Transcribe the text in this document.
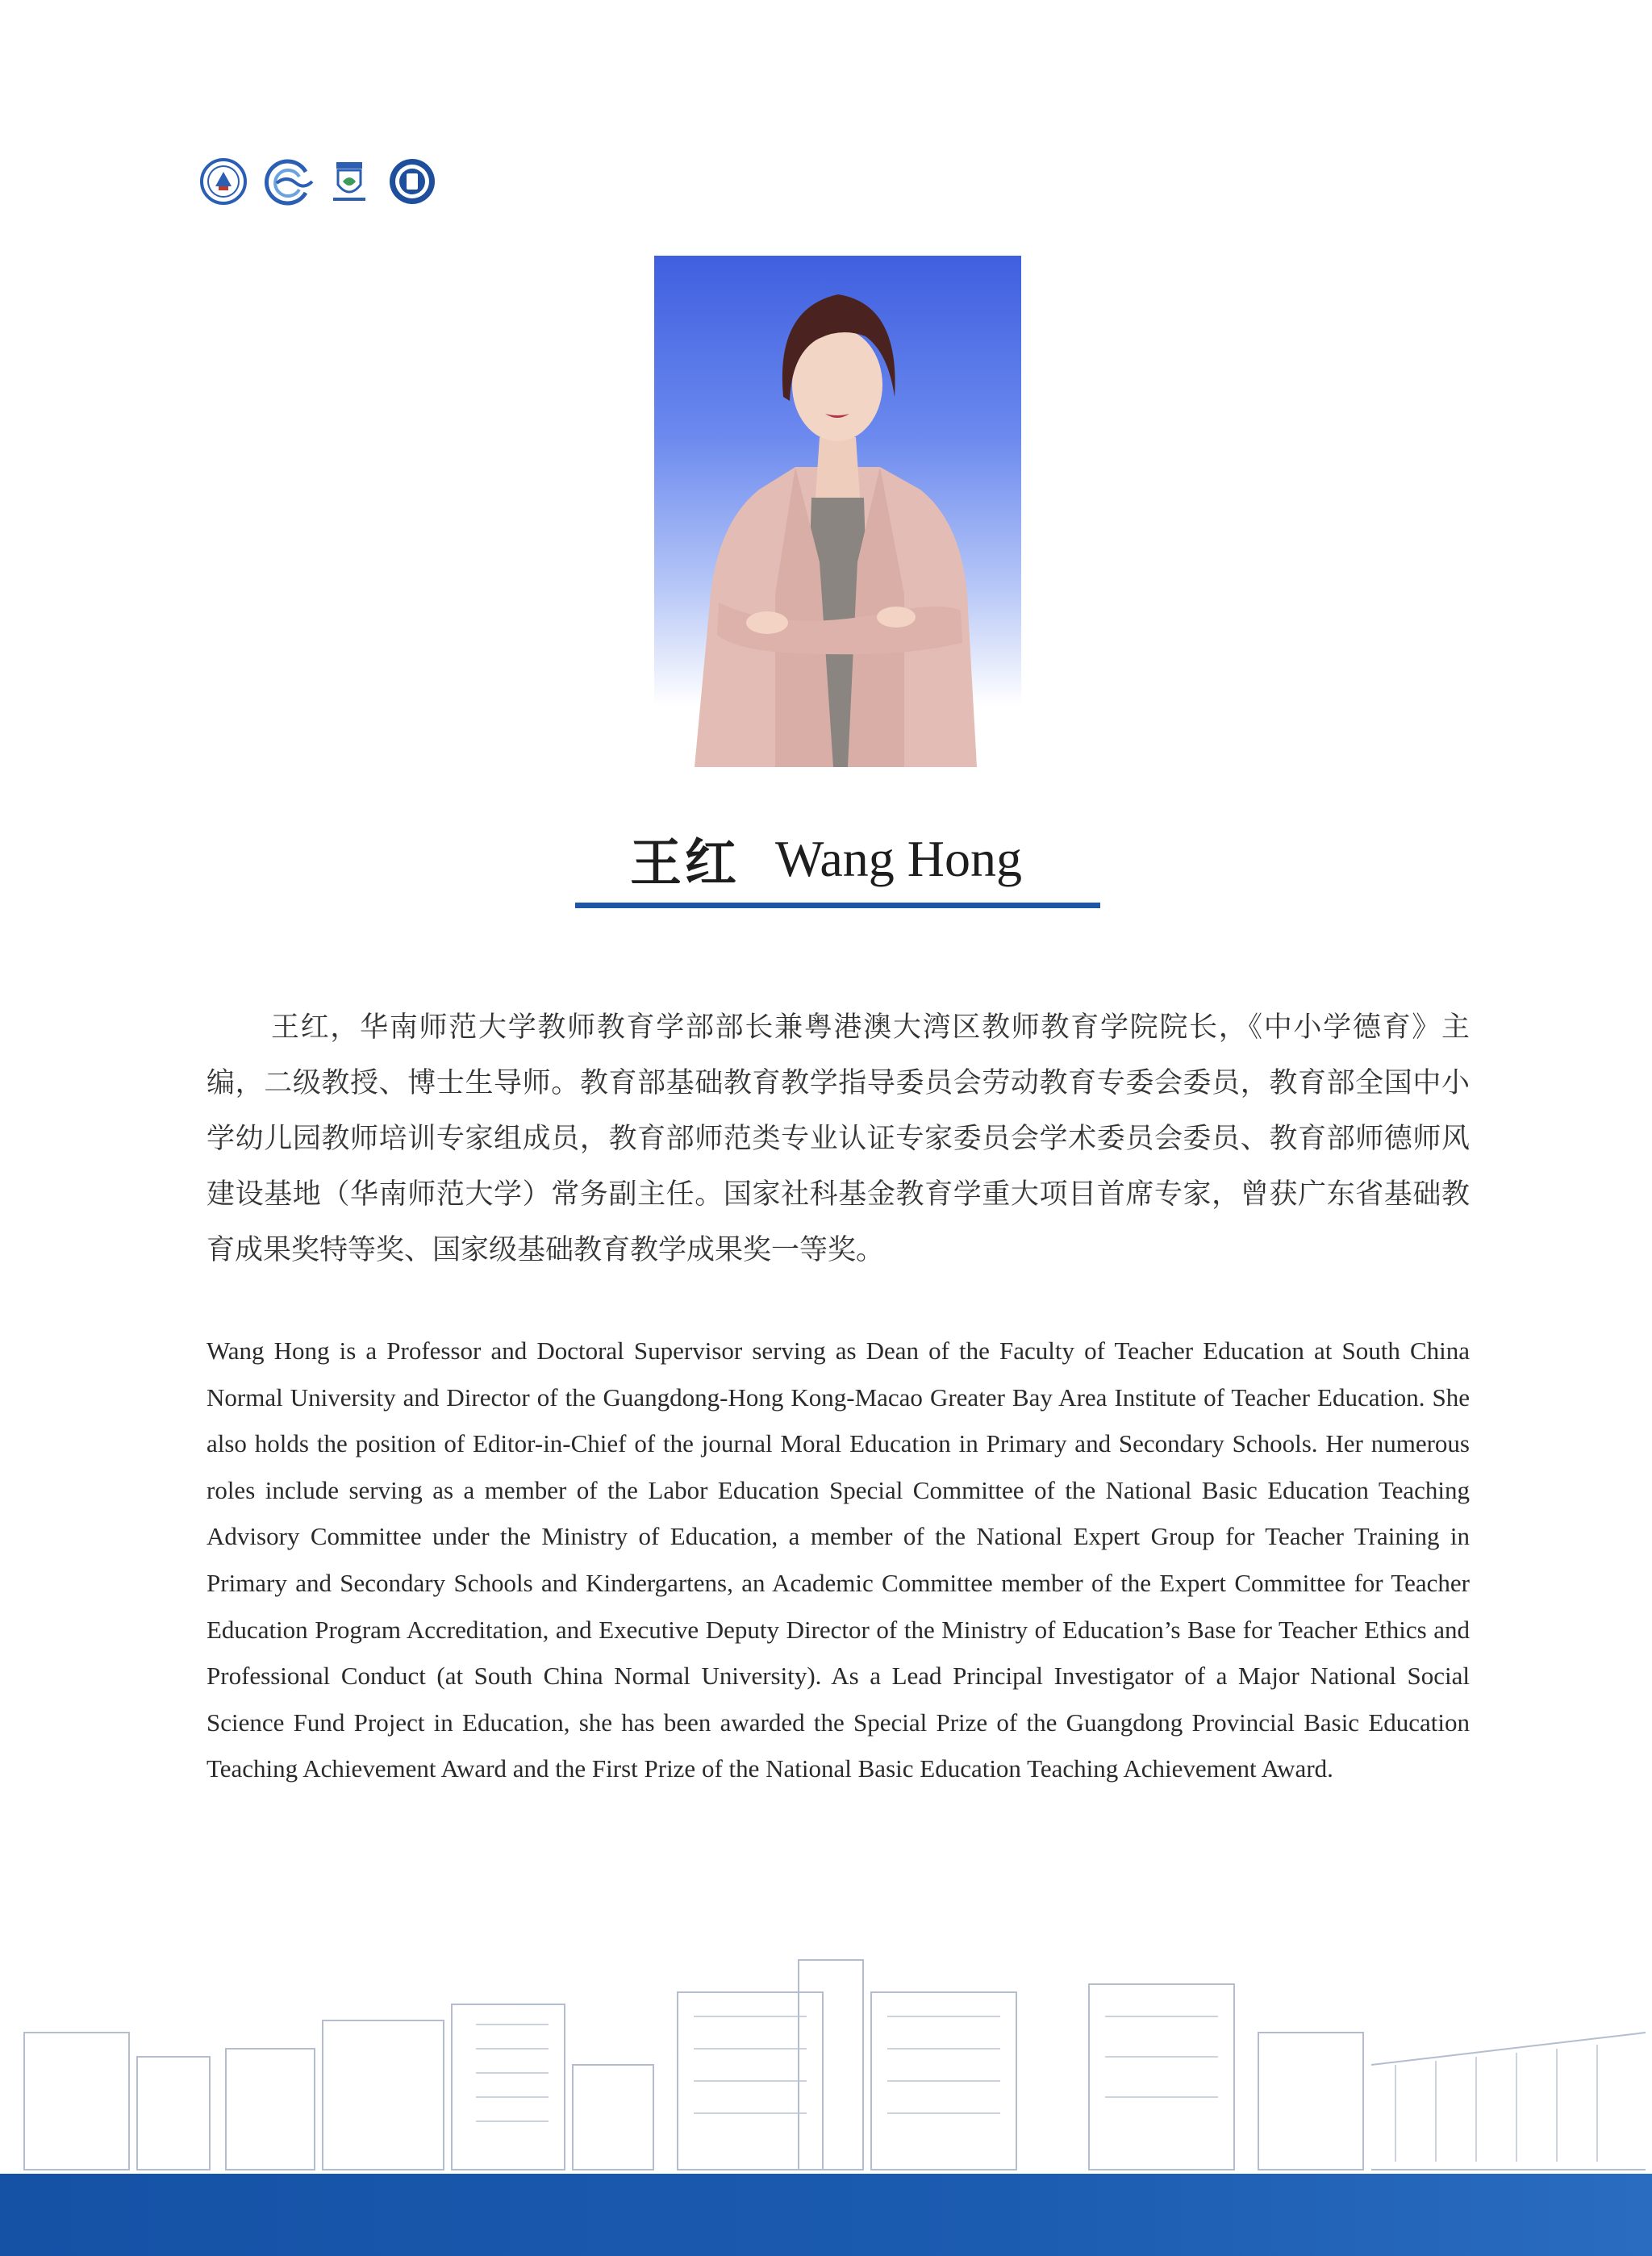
王红 Wang Hong

王红，华南师范大学教师教育学部部长兼粤港澳大湾区教师教育学院院长，《中小学德育》主编，二级教授、博士生导师。教育部基础教育教学指导委员会劳动教育专委会委员，教育部全国中小学幼儿园教师培训专家组成员，教育部师范类专业认证专家委员会学术委员会委员、教育部师德师风建设基地（华南师范大学）常务副主任。国家社科基金教育学重大项目首席专家，曾获广东省基础教育成果奖特等奖、国家级基础教育教学成果奖一等奖。

Wang Hong is a Professor and Doctoral Supervisor serving as Dean of the Faculty of Teacher Education at South China Normal University and Director of the Guangdong-Hong Kong-Macao Greater Bay Area Institute of Teacher Education. She also holds the position of Editor-in-Chief of the journal Moral Education in Primary and Secondary Schools. Her numerous roles include serving as a member of the Labor Education Special Committee of the National Basic Education Teaching Advisory Committee under the Ministry of Education, a member of the National Expert Group for Teacher Training in Primary and Secondary Schools and Kindergartens, an Academic Committee member of the Expert Committee for Teacher Education Program Accreditation, and Executive Deputy Director of the Ministry of Education’s Base for Teacher Ethics and Professional Conduct (at South China Normal University). As a Lead Principal Investigator of a Major National Social Science Fund Project in Education, she has been awarded the Special Prize of the Guangdong Provincial Basic Education Teaching Achievement Award and the First Prize of the National Basic Education Teaching Achievement Award.
